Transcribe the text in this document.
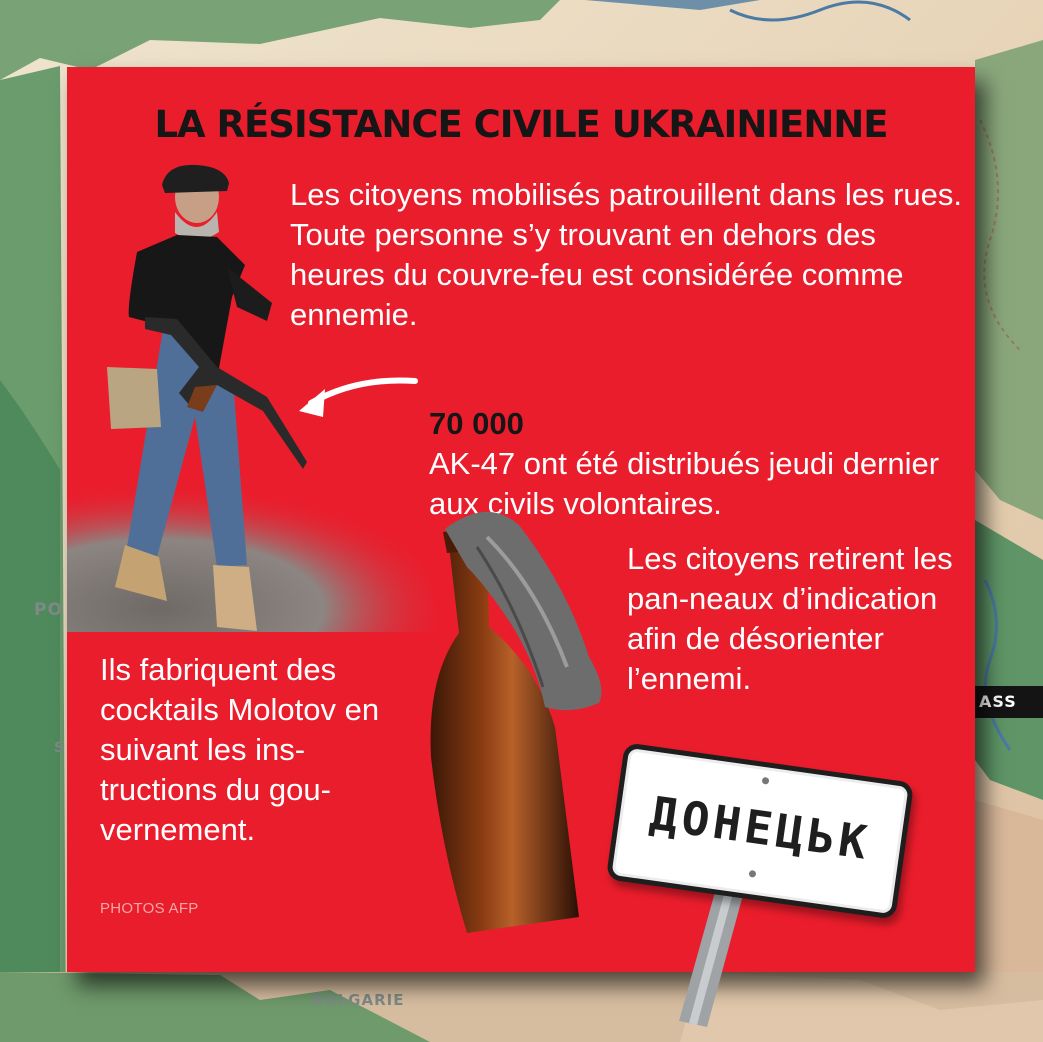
PO
S
BULGARIE
ASS
LA RÉSISTANCE CIVILE UKRAINIENNE

Les citoyens mobilisés patrouillent dans les rues. Toute personne s’y trouvant en dehors des heures du couvre-feu est considérée comme ennemie.

70 000
AK-47 ont été distribués jeudi dernier aux civils volontaires.

Les citoyens retirent les pan-neaux d’indication afin de désorienter l’ennemi.

Ils fabriquent des cocktails Molotov en suivant les ins-tructions du gou-vernement.

PHOTOS AFP

ДОНЕЦЬК
